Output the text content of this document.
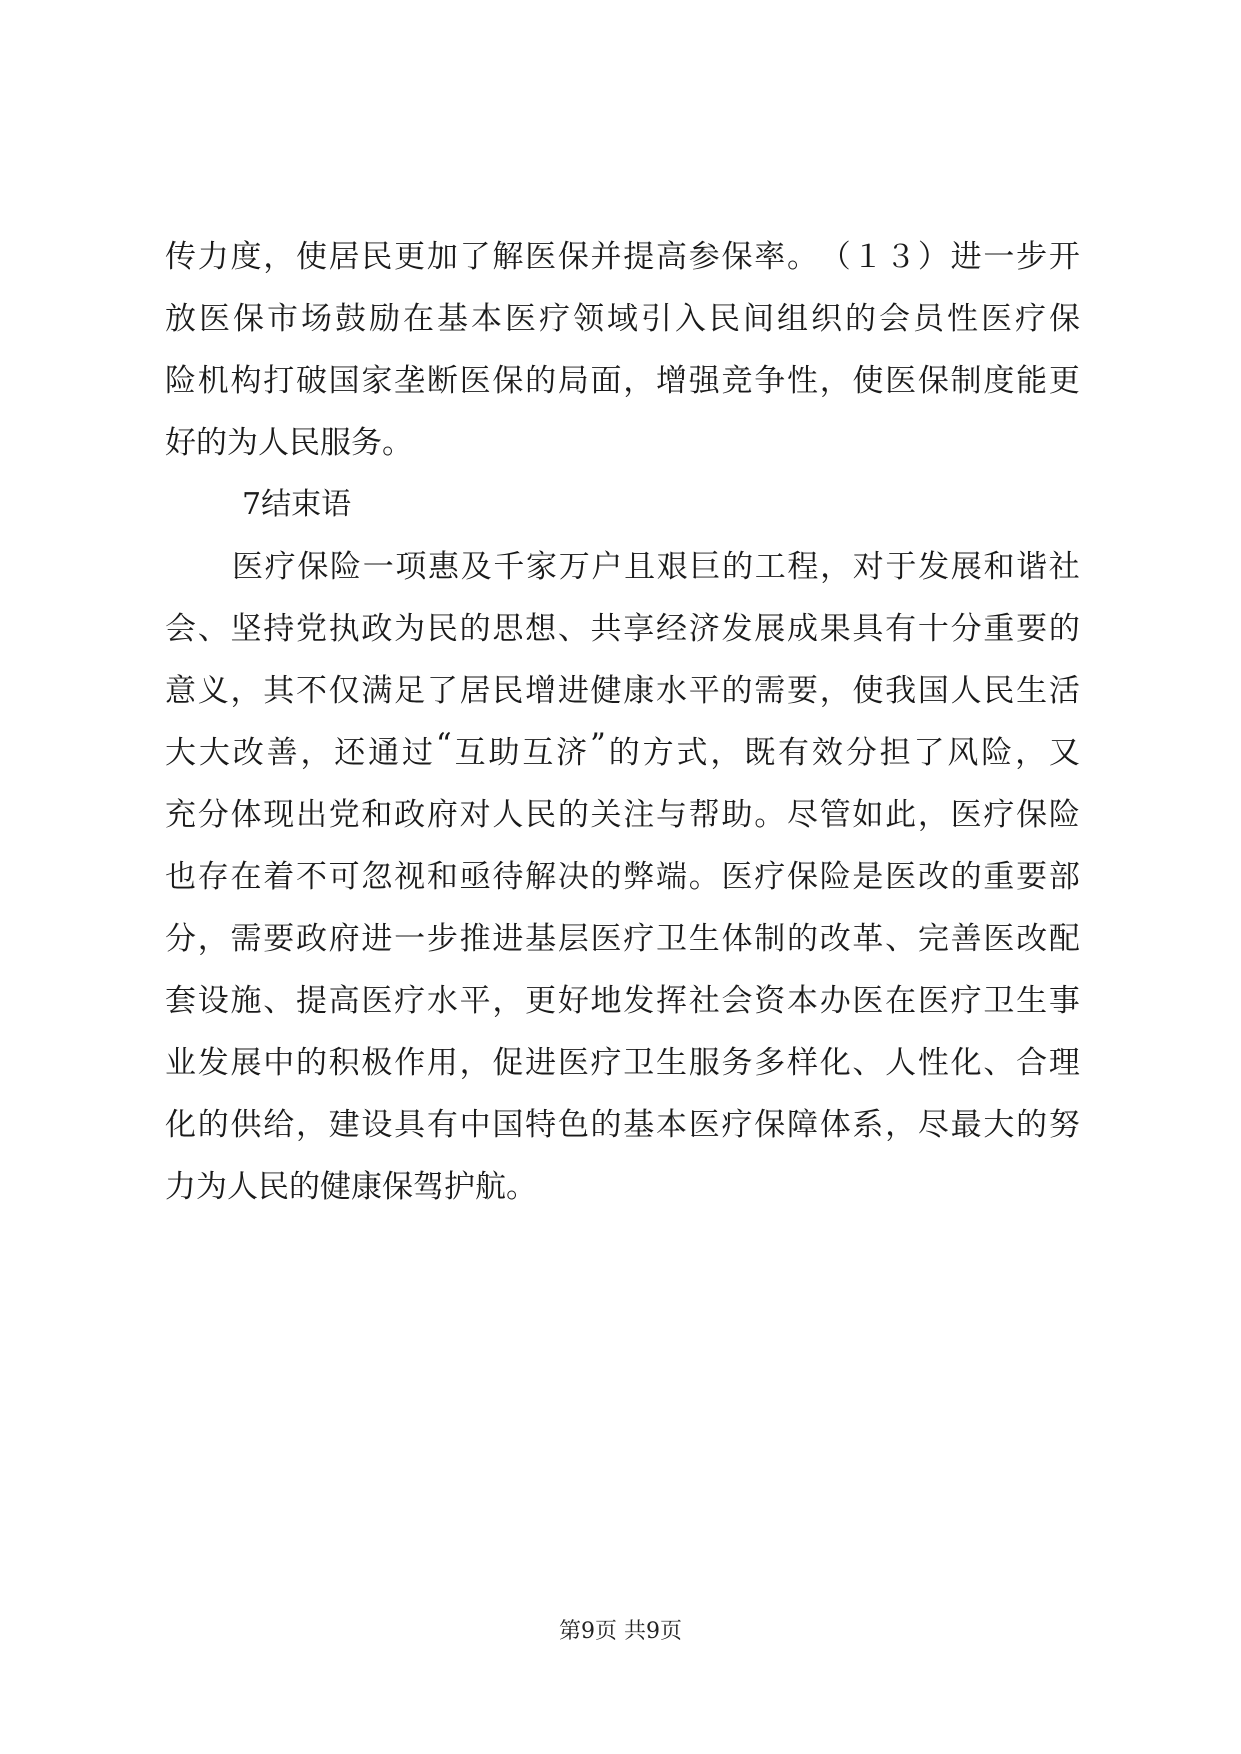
传 力 度 ， 使 居 民 更 加 了 解 医 保 并 提 高 参 保 率 。 （ １ ３ ） 进 一 步 开
放 医 保 市 场 鼓 励 在 基 本 医 疗 领 域 引 入 民 间 组 织 的 会 员 性 医 疗 保
险 机 构 打 破 国 家 垄 断 医 保 的 局 面 ， 增 强 竞 争 性 ， 使 医 保 制 度 能 更
好的为人民服务。
7结束语
医 疗 保 险 一 项 惠 及 千 家 万 户 且 艰 巨 的 工 程 ， 对 于 发 展 和 谐 社
会 、 坚 持 党 执 政 为 民 的 思 想 、 共 享 经 济 发 展 成 果 具 有 十 分 重 要 的
意 义 ， 其 不 仅 满 足 了 居 民 增 进 健 康 水 平 的 需 要 ， 使 我 国 人 民 生 活
大 大 改 善 ， 还 通 过 “ 互 助 互 济 ” 的 方 式 ， 既 有 效 分 担 了 风 险 ， 又
充 分 体 现 出 党 和 政 府 对 人 民 的 关 注 与 帮 助 。 尽 管 如 此 ， 医 疗 保 险
也 存 在 着 不 可 忽 视 和 亟 待 解 决 的 弊 端 。 医 疗 保 险 是 医 改 的 重 要 部
分 ， 需 要 政 府 进 一 步 推 进 基 层 医 疗 卫 生 体 制 的 改 革 、 完 善 医 改 配
套 设 施 、 提 高 医 疗 水 平 ， 更 好 地 发 挥 社 会 资 本 办 医 在 医 疗 卫 生 事
业 发 展 中 的 积 极 作 用 ， 促 进 医 疗 卫 生 服 务 多 样 化 、 人 性 化 、 合 理
化 的 供 给 ， 建 设 具 有 中 国 特 色 的 基 本 医 疗 保 障 体 系 ， 尽 最 大 的 努
力为人民的健康保驾护航。
第9页 共9页
